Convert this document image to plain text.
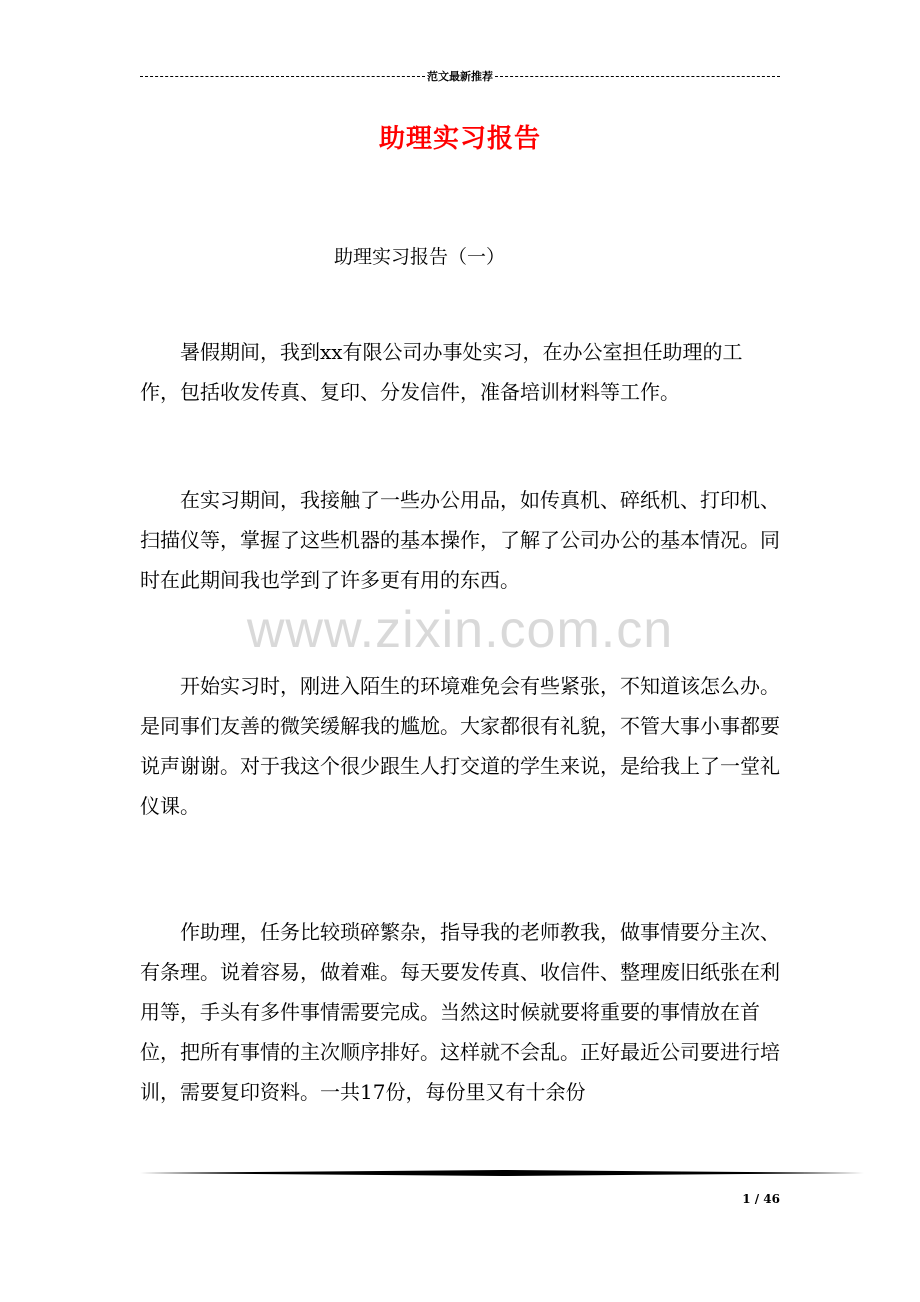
范文最新推荐
助理实习报告
助理实习报告（一）

暑假期间，我到xx有限公司办事处实习，在办公室担任助理的工作，包括收发传真、复印、分发信件，准备培训材料等工作。

在实习期间，我接触了一些办公用品，如传真机、碎纸机、打印机、扫描仪等，掌握了这些机器的基本操作，了解了公司办公的基本情况。同时在此期间我也学到了许多更有用的东西。

开始实习时，刚进入陌生的环境难免会有些紧张，不知道该怎么办。是同事们友善的微笑缓解我的尴尬。大家都很有礼貌，不管大事小事都要说声谢谢。对于我这个很少跟生人打交道的学生来说，是给我上了一堂礼仪课。

作助理，任务比较琐碎繁杂，指导我的老师教我，做事情要分主次、有条理。说着容易，做着难。每天要发传真、收信件、整理废旧纸张在利用等，手头有多件事情需要完成。当然这时候就要将重要的事情放在首位，把所有事情的主次顺序排好。这样就不会乱。正好最近公司要进行培训，需要复印资料。一共17份，每份里又有十余份

www.zixin.com.cn
1 / 46
